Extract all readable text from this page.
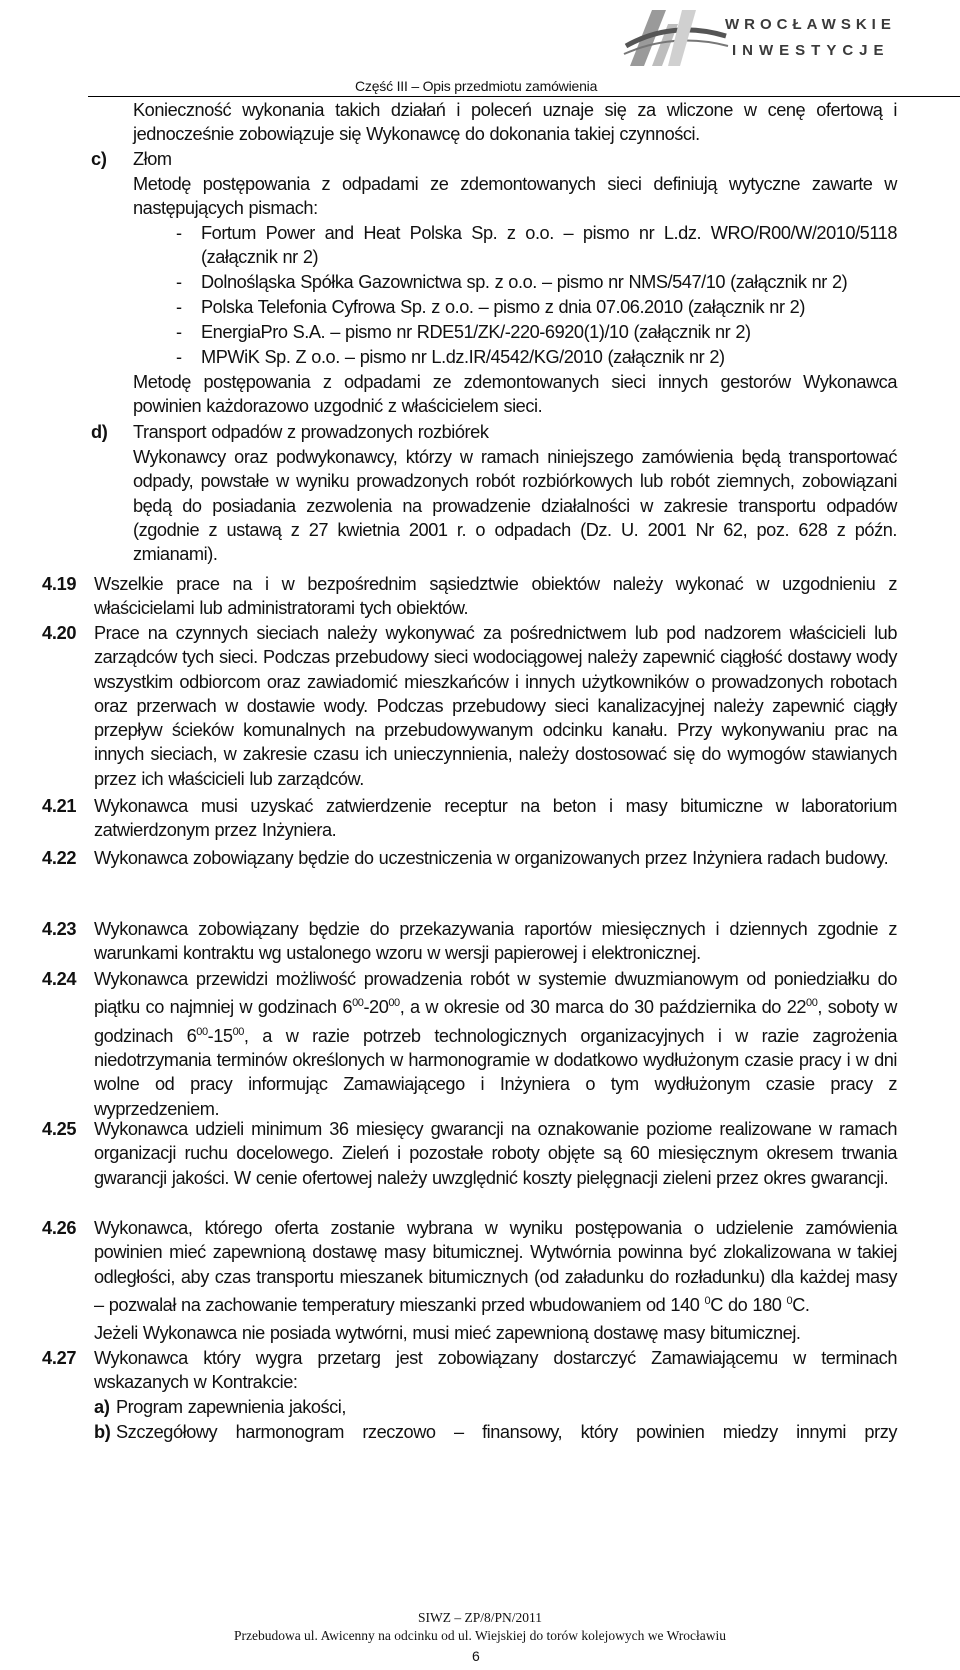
WROCŁAWSKIE
INWESTYCJE
Część III – Opis przedmiotu zamówienia
Konieczność wykonania takich działań i poleceń uznaje się za wliczone w cenę ofertową i jednocześnie zobowiązuje się Wykonawcę do dokonania takiej czynności.
c) Złom
Metodę postępowania z odpadami ze zdemontowanych sieci definiują wytyczne zawarte w następujących pismach:
- Fortum Power and Heat Polska Sp. z o.o. – pismo nr L.dz. WRO/R00/W/2010/5118 (załącznik nr 2)
- Dolnośląska Spółka Gazownictwa sp. z o.o. – pismo nr NMS/547/10 (załącznik nr 2)
- Polska Telefonia Cyfrowa Sp. z o.o. – pismo z dnia 07.06.2010 (załącznik nr 2)
- EnergiaPro S.A. – pismo nr RDE51/ZK/-220-6920(1)/10 (załącznik nr 2)
- MPWiK Sp. Z o.o. – pismo nr L.dz.IR/4542/KG/2010 (załącznik nr 2)
Metodę postępowania z odpadami ze zdemontowanych sieci innych gestorów Wykonawca powinien każdorazowo uzgodnić z właścicielem sieci.
d) Transport odpadów z prowadzonych rozbiórek
Wykonawcy oraz podwykonawcy, którzy w ramach niniejszego zamówienia będą transportować odpady, powstałe w wyniku prowadzonych robót rozbiórkowych lub robót ziemnych, zobowiązani będą do posiadania zezwolenia na prowadzenie działalności w zakresie transportu odpadów (zgodnie z ustawą z 27 kwietnia 2001 r. o odpadach (Dz. U. 2001 Nr 62, poz. 628 z późn. zmianami).
4.19 Wszelkie prace na i w bezpośrednim sąsiedztwie obiektów należy wykonać w uzgodnieniu z właścicielami lub administratorami tych obiektów.
4.20 Prace na czynnych sieciach należy wykonywać za pośrednictwem lub pod nadzorem właścicieli lub zarządców tych sieci. Podczas przebudowy sieci wodociągowej należy zapewnić ciągłość dostawy wody wszystkim odbiorcom oraz zawiadomić mieszkańców i innych użytkowników o prowadzonych robotach oraz przerwach w dostawie wody. Podczas przebudowy sieci kanalizacyjnej należy zapewnić ciągły przepływ ścieków komunalnych na przebudowywanym odcinku kanału. Przy wykonywaniu prac na innych sieciach, w zakresie czasu ich unieczynnienia, należy dostosować się do wymogów stawianych przez ich właścicieli lub zarządców.
4.21 Wykonawca musi uzyskać zatwierdzenie receptur na beton i masy bitumiczne w laboratorium zatwierdzonym przez Inżyniera.
4.22 Wykonawca zobowiązany będzie do uczestniczenia w organizowanych przez Inżyniera radach budowy.
4.23 Wykonawca zobowiązany będzie do przekazywania raportów miesięcznych i dziennych zgodnie z warunkami kontraktu wg ustalonego wzoru w wersji papierowej i elektronicznej.
4.24 Wykonawca przewidzi możliwość prowadzenia robót w systemie dwuzmianowym od poniedziałku do piątku co najmniej w godzinach $6^{00}-20^{00}$, a w okresie od 30 marca do 30 października do $22^{00}$, soboty w godzinach $6^{00}-15^{00}$, a w razie potrzeb technologicznych organizacyjnych i w razie zagrożenia niedotrzymania terminów określonych w harmonogramie w dodatkowo wydłużonym czasie pracy i w dni wolne od pracy informując Zamawiającego i Inżyniera o tym wydłużonym czasie pracy z wyprzedzeniem.
4.25 Wykonawca udzieli minimum 36 miesięcy gwarancji na oznakowanie poziome realizowane w ramach organizacji ruchu docelowego. Zieleń i pozostałe roboty objęte są 60 miesięcznym okresem trwania gwarancji jakości. W cenie ofertowej należy uwzględnić koszty pielęgnacji zieleni przez okres gwarancji.
4.26 Wykonawca, którego oferta zostanie wybrana w wyniku postępowania o udzielenie zamówienia powinien mieć zapewnioną dostawę masy bitumicznej. Wytwórnia powinna być zlokalizowana w takiej odległości, aby czas transportu mieszanek bitumicznych (od załadunku do rozładunku) dla każdej masy – pozwalał na zachowanie temperatury mieszanki przed wbudowaniem od 140 $^0$C do 180 $^0$C.
Jeżeli Wykonawca nie posiada wytwórni, musi mieć zapewnioną dostawę masy bitumicznej.
4.27 Wykonawca który wygra przetarg jest zobowiązany dostarczyć Zamawiającemu w terminach wskazanych w Kontrakcie:
a) Program zapewnienia jakości,
b) Szczegółowy harmonogram rzeczowo – finansowy, który powinien miedzy innymi przy
SIWZ – ZP/8/PN/2011
Przebudowa ul. Awicenny na odcinku od ul. Wiejskiej do torów kolejowych we Wrocławiu
6
